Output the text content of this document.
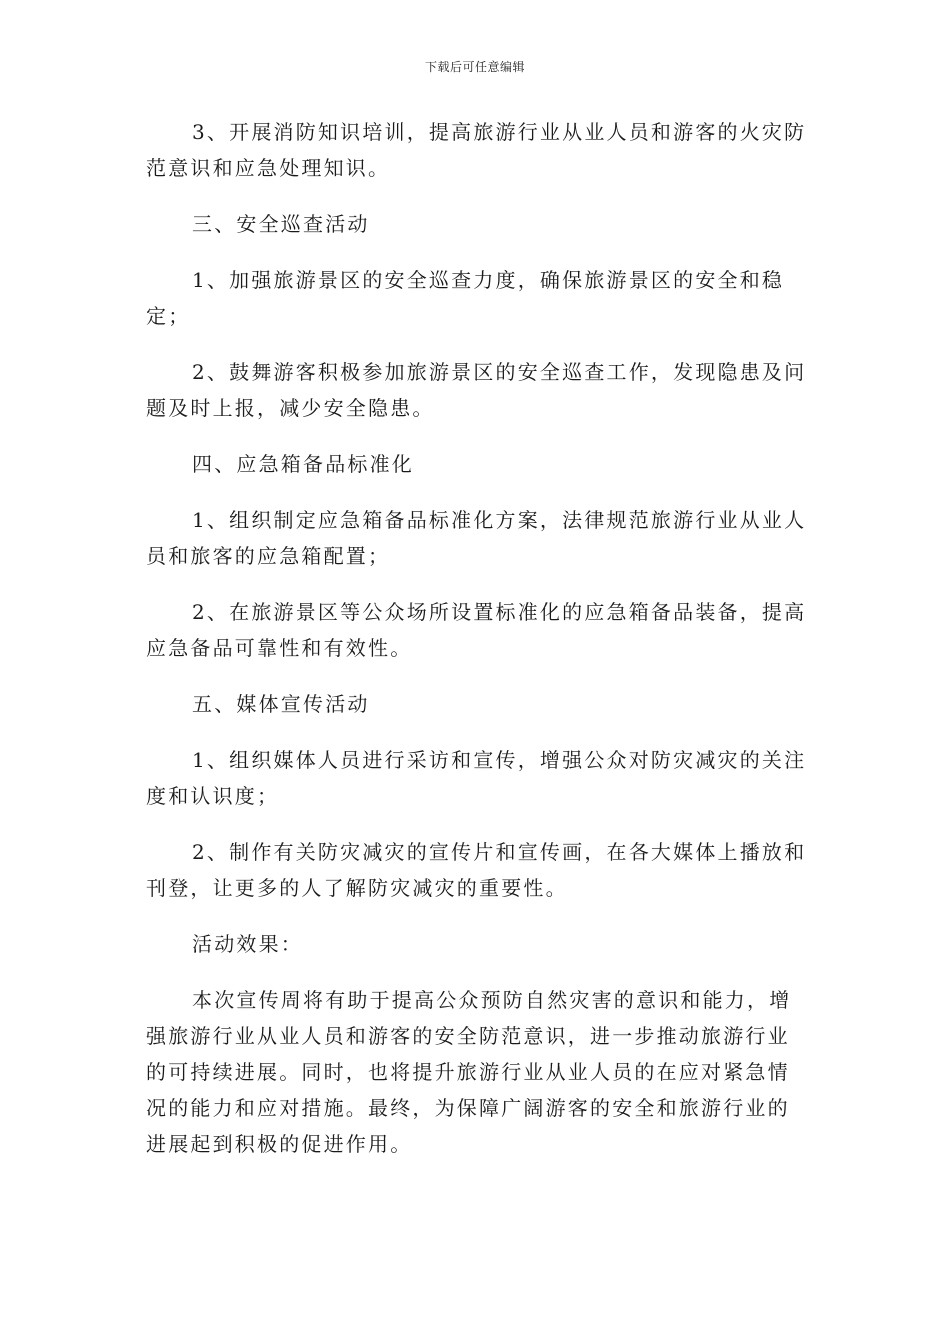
下载后可任意编辑

3、开展消防知识培训，提高旅游行业从业人员和游客的火灾防范意识和应急处理知识。

三、安全巡查活动

1、加强旅游景区的安全巡查力度，确保旅游景区的安全和稳定；

2、鼓舞游客积极参加旅游景区的安全巡查工作，发现隐患及问题及时上报，减少安全隐患。

四、应急箱备品标准化

1、组织制定应急箱备品标准化方案，法律规范旅游行业从业人员和旅客的应急箱配置；

2、在旅游景区等公众场所设置标准化的应急箱备品装备，提高应急备品可靠性和有效性。

五、媒体宣传活动

1、组织媒体人员进行采访和宣传，增强公众对防灾减灾的关注度和认识度；

2、制作有关防灾减灾的宣传片和宣传画，在各大媒体上播放和刊登，让更多的人了解防灾减灾的重要性。

活动效果：

本次宣传周将有助于提高公众预防自然灾害的意识和能力，增强旅游行业从业人员和游客的安全防范意识，进一步推动旅游行业的可持续进展。同时，也将提升旅游行业从业人员的在应对紧急情况的能力和应对措施。最终，为保障广阔游客的安全和旅游行业的进展起到积极的促进作用。
